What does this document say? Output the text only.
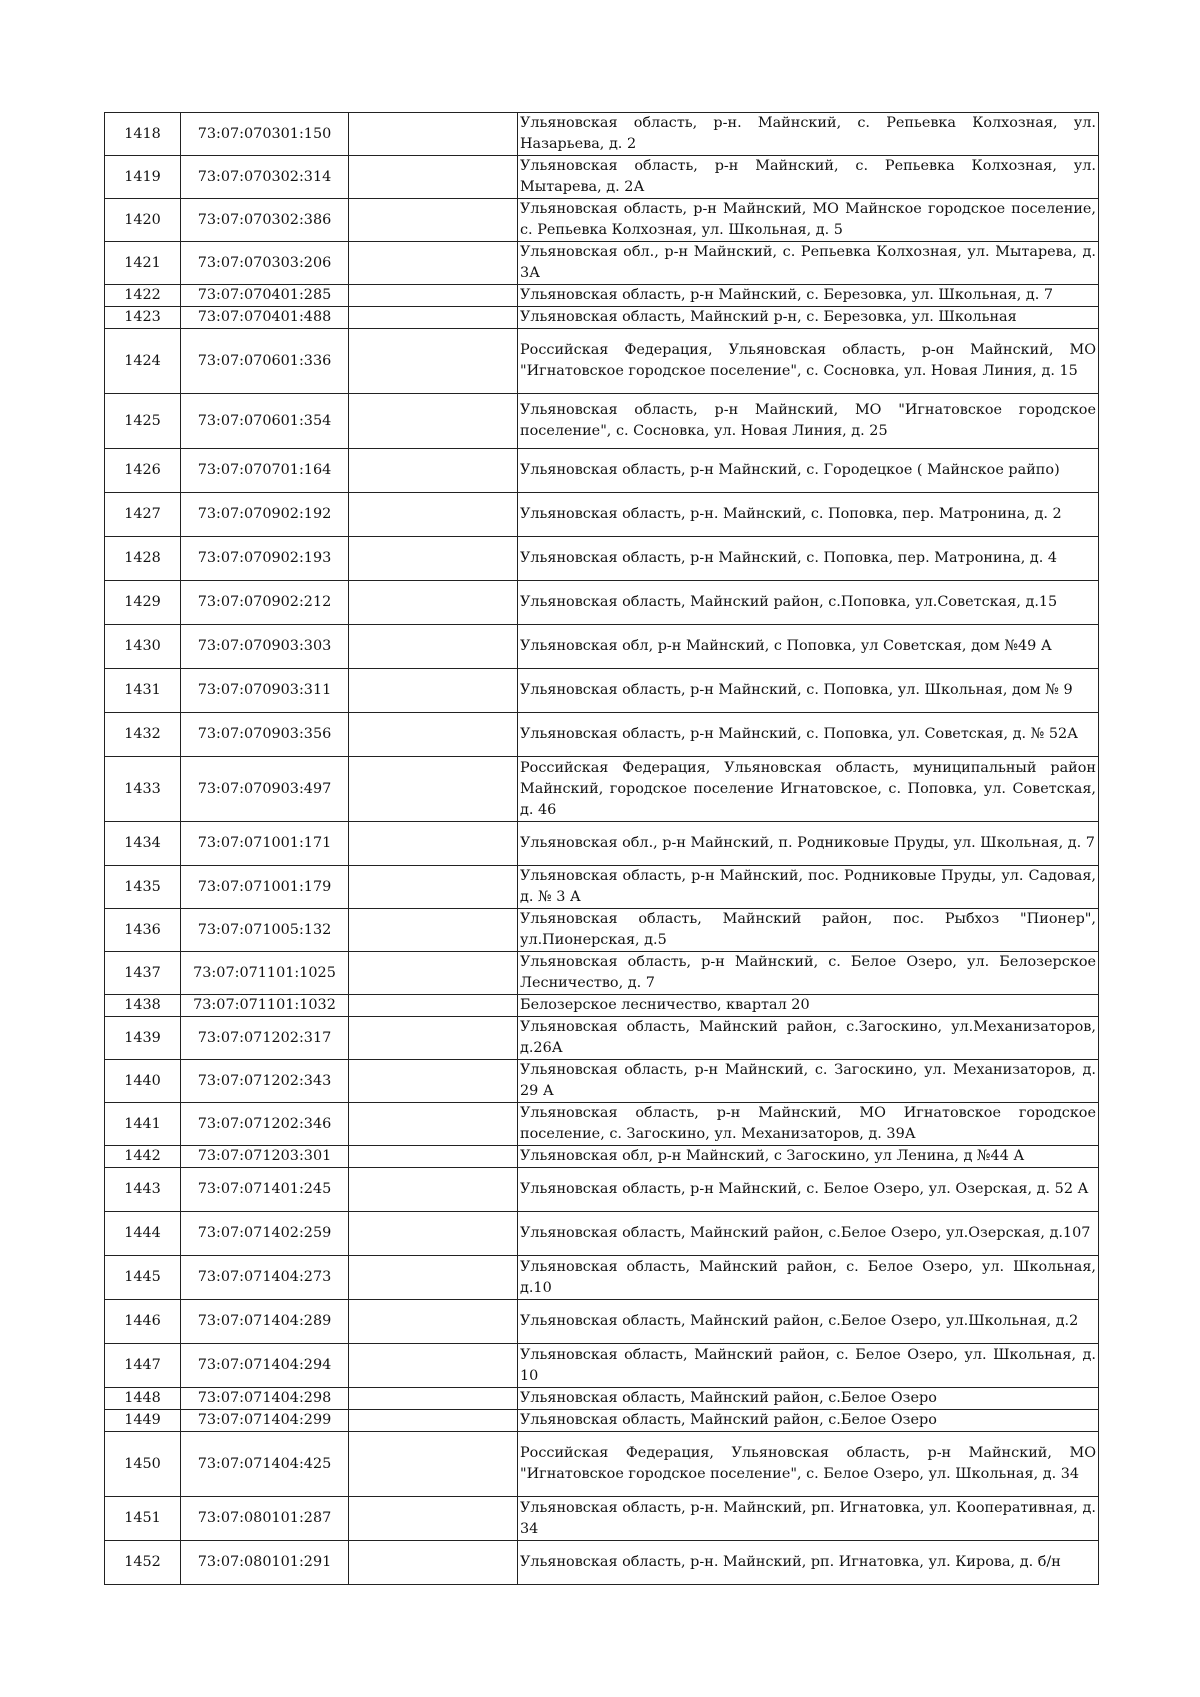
1418	73:07:070301:150		Ульяновская область, р-н. Майнский, с. Репьевка Колхозная, ул. Назарьева, д. 2
1419	73:07:070302:314		Ульяновская область, р-н Майнский, с. Репьевка Колхозная, ул. Мытарева, д. 2А
1420	73:07:070302:386		Ульяновская область, р-н Майнский, МО Майнское городское поселение, с. Репьевка Колхозная, ул. Школьная, д. 5
1421	73:07:070303:206		Ульяновская обл., р-н Майнский, с. Репьевка Колхозная, ул. Мытарева, д. 3А
1422	73:07:070401:285		Ульяновская область, р-н Майнский, с. Березовка, ул. Школьная, д. 7
1423	73:07:070401:488		Ульяновская область, Майнский р-н, с. Березовка, ул. Школьная
1424	73:07:070601:336		Российская Федерация, Ульяновская область, р-он Майнский, МО "Игнатовское городское поселение", с. Сосновка, ул. Новая Линия, д. 15
1425	73:07:070601:354		Ульяновская область, р-н Майнский, МО "Игнатовское городское поселение", с. Сосновка, ул. Новая Линия, д. 25
1426	73:07:070701:164		Ульяновская область, р-н Майнский, с. Городецкое ( Майнское райпо)
1427	73:07:070902:192		Ульяновская область, р-н. Майнский, с. Поповка, пер. Матронина, д. 2
1428	73:07:070902:193		Ульяновская область, р-н Майнский, с. Поповка, пер. Матронина, д. 4
1429	73:07:070902:212		Ульяновская область, Майнский район, с.Поповка, ул.Советская, д.15
1430	73:07:070903:303		Ульяновская обл, р-н Майнский, с Поповка, ул Советская, дом №49 А
1431	73:07:070903:311		Ульяновская область, р-н Майнский, с. Поповка, ул. Школьная, дом № 9
1432	73:07:070903:356		Ульяновская область, р-н Майнский, с. Поповка, ул. Советская, д. № 52А
1433	73:07:070903:497		Российская Федерация, Ульяновская область, муниципальный район Майнский, городское поселение Игнатовское, с. Поповка, ул. Советская, д. 46
1434	73:07:071001:171		Ульяновская обл., р-н Майнский, п. Родниковые Пруды, ул. Школьная, д. 7
1435	73:07:071001:179		Ульяновская область, р-н Майнский, пос. Родниковые Пруды, ул. Садовая, д. № 3 А
1436	73:07:071005:132		Ульяновская область, Майнский район, пос. Рыбхоз "Пионер", ул.Пионерская, д.5
1437	73:07:071101:1025		Ульяновская область, р-н Майнский, с. Белое Озеро, ул. Белозерское Лесничество, д. 7
1438	73:07:071101:1032		Белозерское лесничество, квартал 20
1439	73:07:071202:317		Ульяновская область, Майнский район, с.Загоскино, ул.Механизаторов, д.26А
1440	73:07:071202:343		Ульяновская область, р-н Майнский, с. Загоскино, ул. Механизаторов, д. 29 А
1441	73:07:071202:346		Ульяновская область, р-н Майнский, МО Игнатовское городское поселение, с. Загоскино, ул. Механизаторов, д. 39А
1442	73:07:071203:301		Ульяновская обл, р-н Майнский, с Загоскино, ул Ленина, д №44 А
1443	73:07:071401:245		Ульяновская область, р-н Майнский, с. Белое Озеро, ул. Озерская, д. 52 А
1444	73:07:071402:259		Ульяновская область, Майнский район, с.Белое Озеро, ул.Озерская, д.107
1445	73:07:071404:273		Ульяновская область, Майнский район, с. Белое Озеро, ул. Школьная, д.10
1446	73:07:071404:289		Ульяновская область, Майнский район, с.Белое Озеро, ул.Школьная, д.2
1447	73:07:071404:294		Ульяновская область, Майнский район, с. Белое Озеро, ул. Школьная, д. 10
1448	73:07:071404:298		Ульяновская область, Майнский район, с.Белое Озеро
1449	73:07:071404:299		Ульяновская область, Майнский район, с.Белое Озеро
1450	73:07:071404:425		Российская Федерация, Ульяновская область, р-н Майнский, МО "Игнатовское городское поселение", с. Белое Озеро, ул. Школьная, д. 34
1451	73:07:080101:287		Ульяновская область, р-н. Майнский, рп. Игнатовка, ул. Кооперативная, д. 34
1452	73:07:080101:291		Ульяновская область, р-н. Майнский, рп. Игнатовка, ул. Кирова, д. б/н
